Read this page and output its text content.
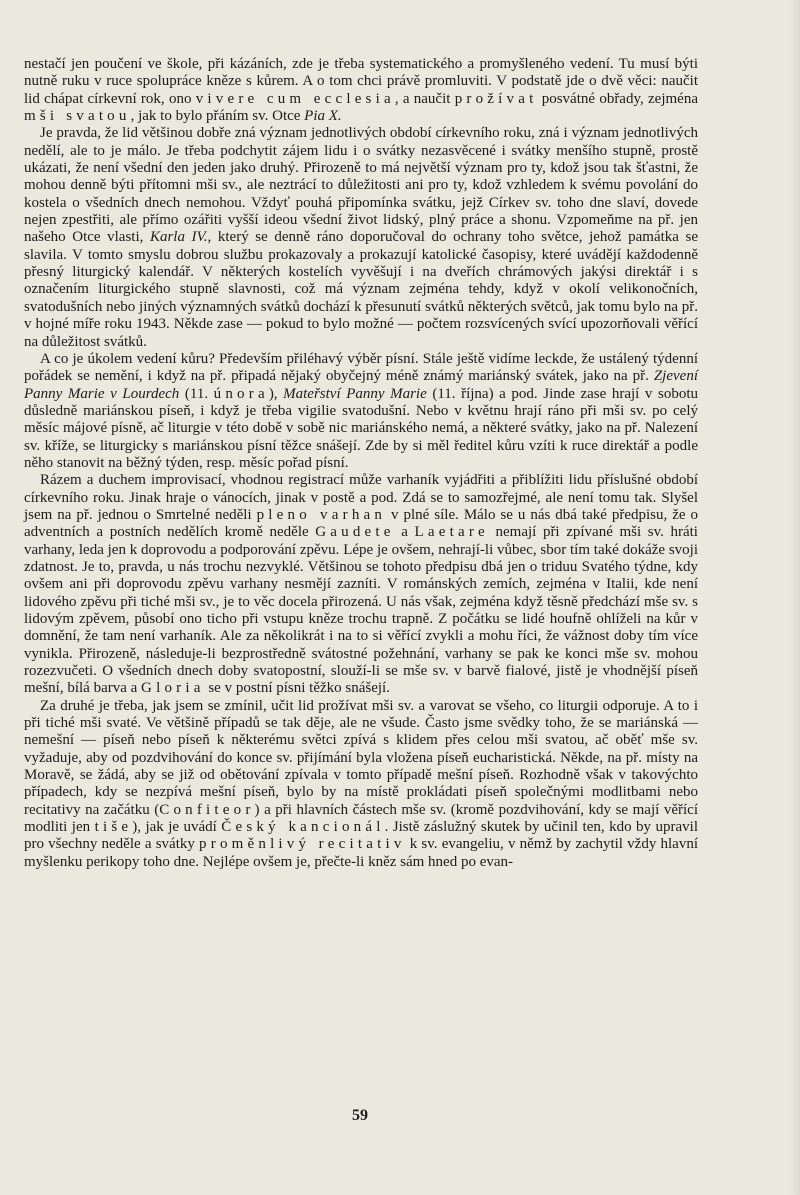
nestačí jen poučení ve škole, při kázáních, zde je třeba systematického a promyšleného vedení. Tu musí býti nutně ruku v ruce spolupráce kněze s kůrem. A o tom chci právě promluviti. V podstatě jde o dvě věci: naučit lid chápat církevní rok, ono vivere cum ecclesia, a naučit prožívat posvátné obřady, zejména mši svatou, jak to bylo přáním sv. Otce Pia X.

Je pravda, že lid většinou dobře zná význam jednotlivých období církevního roku, zná i význam jednotlivých nedělí, ale to je málo. Je třeba podchytit zájem lidu i o svátky nezasvěcené i svátky menšího stupně, prostě ukázati, že není všední den jeden jako druhý. Přirozeně to má největší význam pro ty, kdož jsou tak šťastni, že mohou denně býti přítomni mši sv., ale neztrácí to důležitosti ani pro ty, kdož vzhledem k svému povolání do kostela o všedních dnech nemohou. Vždyť pouhá připomínka svátku, jejž Církev sv. toho dne slaví, dovede nejen zpestřiti, ale přímo ozářiti vyšší ideou všední život lidský, plný práce a shonu. Vzpomeňme na př. jen našeho Otce vlasti, Karla IV., který se denně ráno doporučoval do ochrany toho světce, jehož památka se slavila. V tomto smyslu dobrou službu prokazovaly a prokazují katolické časopisy, které uvádějí každodenně přesný liturgický kalendář. V některých kostelích vyvěšují i na dveřích chrámových jakýsi direktář i s označením liturgického stupně slavnosti, což má význam zejména tehdy, když v okolí velikonočních, svatodušních nebo jiných významných svátků dochází k přesunutí svátků některých světců, jak tomu bylo na př. v hojné míře roku 1943. Někde zase — pokud to bylo možné — počtem rozsvícených svící upozorňovali věřící na důležitost svátků.

A co je úkolem vedení kůru? Především přiléhavý výběr písní. Stále ještě vidíme leckde, že ustálený týdenní pořádek se nemění, i když na př. připadá nějaký obyčejný méně známý mariánský svátek, jako na př. Zjevení Panny Marie v Lourdech (11. února), Mateřství Panny Marie (11. října) a pod. Jinde zase hrají v sobotu důsledně mariánskou píseň, i když je třeba vigilie svatodušní. Nebo v květnu hrají ráno při mši sv. po celý měsíc májové písně, ač liturgie v této době v sobě nic mariánského nemá, a některé svátky, jako na př. Nalezení sv. kříže, se liturgicky s mariánskou písní těžce snášejí. Zde by si měl ředitel kůru vzíti k ruce direktář a podle něho stanovit na běžný týden, resp. měsíc pořad písní.

Rázem a duchem improvisací, vhodnou registrací může varhaník vyjádřiti a přiblížiti lidu příslušné období církevního roku. Jinak hraje o vánocích, jinak v postě a pod. Zdá se to samozřejmé, ale není tomu tak. Slyšel jsem na př. jednou o Smrtelné neděli pleno varhan v plné síle. Málo se u nás dbá také předpisu, že o adventních a postních nedělích kromě neděle Gaudete a Laetare nemají při zpívané mši sv. hráti varhany, leda jen k doprovodu a podporování zpěvu. Lépe je ovšem, nehrají-li vůbec, sbor tím také dokáže svoji zdatnost. Je to, pravda, u nás trochu nezvyklé. Většinou se tohoto předpisu dbá jen o triduu Svatého týdne, kdy ovšem ani při doprovodu zpěvu varhany nesmějí zazníti. V románských zemích, zejména v Italii, kde není lidového zpěvu při tiché mši sv., je to věc docela přirozená. U nás však, zejména když těsně předchází mše sv. s lidovým zpěvem, působí ono ticho při vstupu kněze trochu trapně. Z počátku se lidé houfně ohlíželi na kůr v domnění, že tam není varhaník. Ale za několikrát i na to si věřící zvykli a mohu říci, že vážnost doby tím více vynikla. Přirozeně, následuje-li bezprostředně svátostné požehnání, varhany se pak ke konci mše sv. mohou rozezvučeti. O všedních dnech doby svatopostní, slouží-li se mše sv. v barvě fialové, jistě je vhodnější píseň mešní, bílá barva a Gloria se v postní písni těžko snášejí.

Za druhé je třeba, jak jsem se zmínil, učit lid prožívat mši sv. a varovat se všeho, co liturgii odporuje. A to i při tiché mši svaté. Ve většině případů se tak děje, ale ne všude. Často jsme svědky toho, že se mariánská — nemešní — píseň nebo píseň k některému světci zpívá s klidem přes celou mši svatou, ač oběť mše sv. vyžaduje, aby od pozdvihování do konce sv. přijímání byla vložena píseň eucharistická. Někde, na př. místy na Moravě, se žádá, aby se již od obětování zpívala v tomto případě mešní píseň. Rozhodně však v takovýchto případech, kdy se nezpívá mešní píseň, bylo by na místě prokládati píseň společnými modlitbami nebo recitativy na začátku (Confiteor) a při hlavních částech mše sv. (kromě pozdvihování, kdy se mají věřící modliti jen tiše), jak je uvádí Český kancionál. Jistě záslužný skutek by učinil ten, kdo by upravil pro všechny neděle a svátky proměnlivý recitativ k sv. evangeliu, v němž by zachytil vždy hlavní myšlenku perikopy toho dne. Nejlépe ovšem je, přečte-li kněz sám hned po evan-

59
